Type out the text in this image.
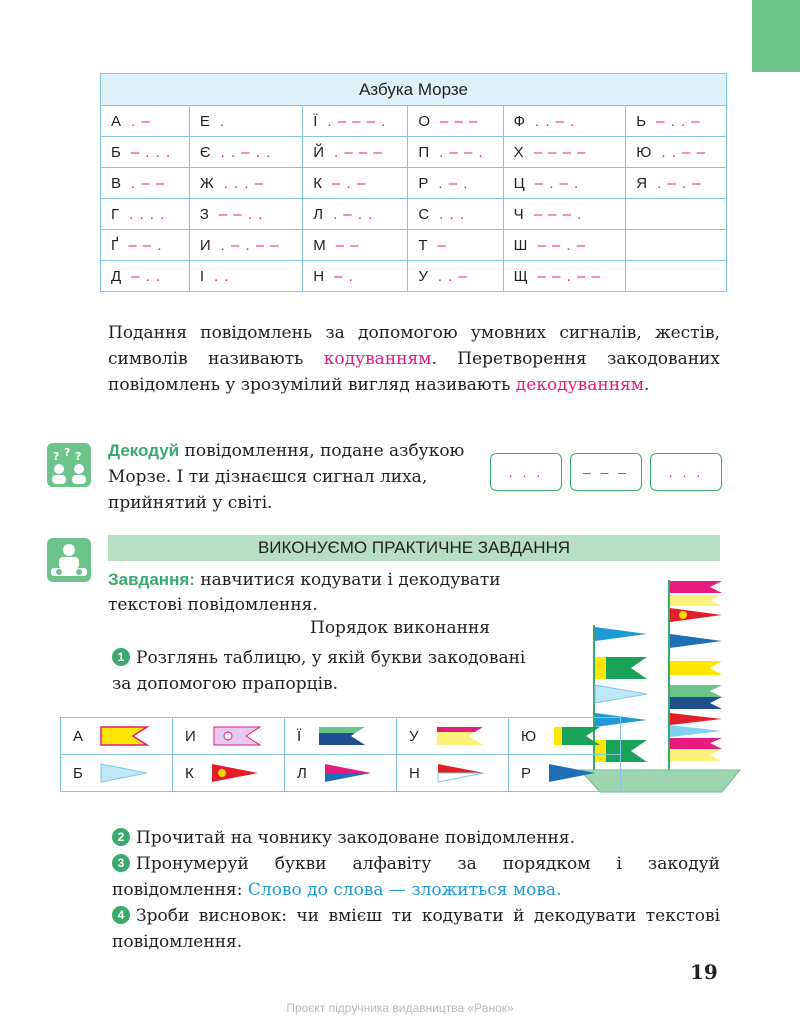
Азбука Морзе					
А . –	Е .	Ї . – – – .	О – – –	Ф . . – .	Ь – . . –
Б – . . .	Є . . – . .	Й . – – –	П . – – .	Х – – – –	Ю . . – –
В . – –	Ж . . . –	К – . –	Р . – .	Ц – . – .	Я . – . –
Г . . . .	З – – . .	Л . – . .	С . . .	Ч – – – .	
Ґ – – .	И . – . – –	М – –	Т –	Ш – – . –	
Д – . .	І . .	Н – .	У . . –	Щ – – . – –	
Подання повідомлень за допомогою умовних сигналів, жестів, символів називають кодуванням. Перетворення закодованих повідомлень у зрозумілий вигляд називають декодуванням.
? ? ? Декодуй повідомлення, подане азбукою Морзе. І ти дізнаєшся сигнал лиха, прийнятий у світі.
. . .	– – –	. . .
ВИКОНУЄМО ПРАКТИЧНЕ ЗАВДАННЯ
Завдання: навчитися кодувати і декодувати текстові повідомлення.
Порядок виконання
1 Розглянь таблицю, у якій букви закодовані за допомогою прапорців.
А	И	Ї	У	Ю

Б	К	Л	Н	Р
2 Прочитай на човнику закодоване повідомлення.
3 Пронумеруй букви алфавіту за порядком і закодуй повідомлення: Слово до слова — зложиться мова.
4 Зроби висновок: чи вмієш ти кодувати й декодувати текстові повідомлення.
19
Проєкт підручника видавництва «Ранок»
